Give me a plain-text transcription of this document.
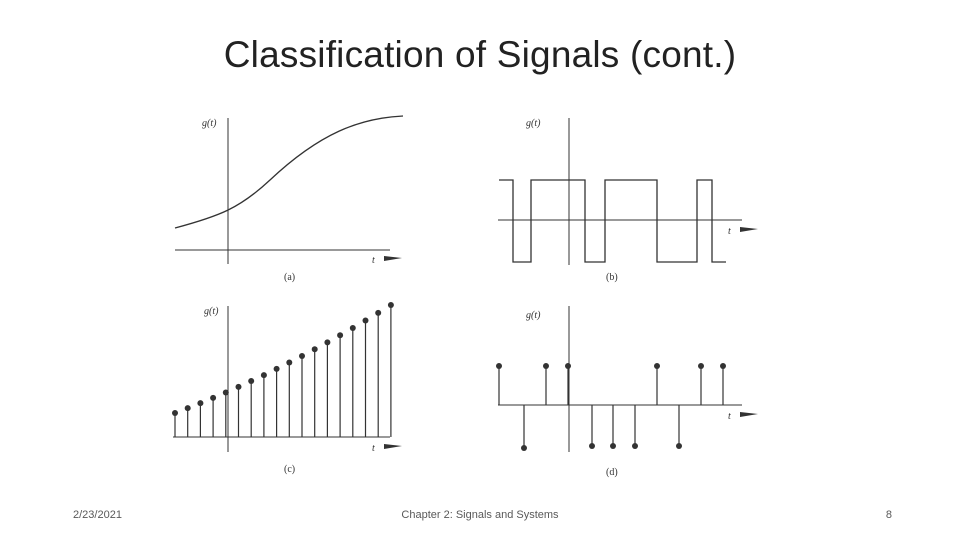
Classification of Signals (cont.)
g(t)
t
(a)
g(t)
t
(b)
g(t)
t
(c)
g(t)
t
(d)
2/23/2021	Chapter 2: Signals and Systems	8
